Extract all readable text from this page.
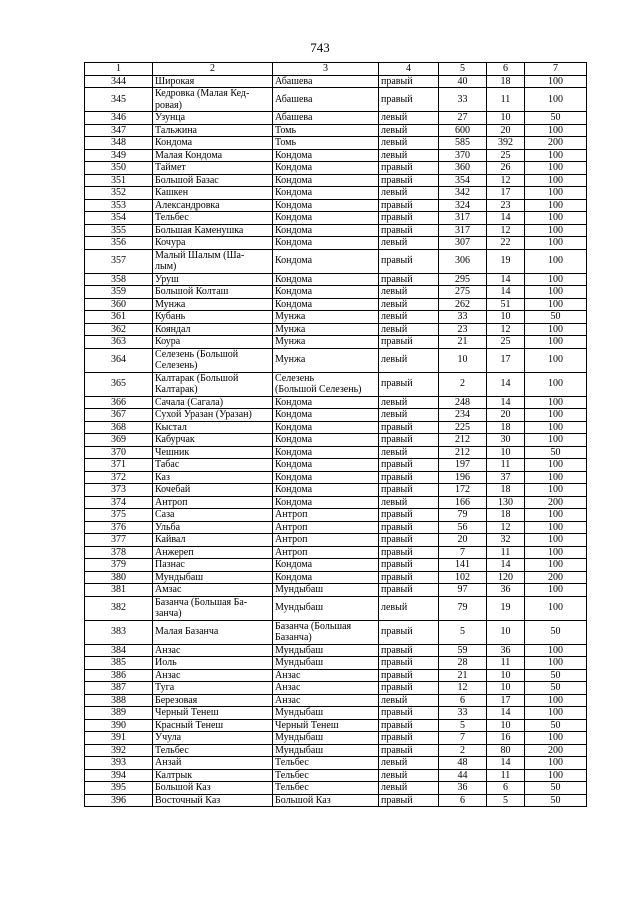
743
1	2	3	4	5	6	7
344	Широкая	Абашева	правый	40	18	100
345	Кедровка (Малая Кед-
ровая)	Абашева	правый	33	11	100
346	Узунца	Абашева	левый	27	10	50
347	Тальжина	Томь	левый	600	20	100
348	Кондома	Томь	левый	585	392	200
349	Малая Кондома	Кондома	левый	370	25	100
350	Таймет	Кондома	правый	360	26	100
351	Большой Базас	Кондома	правый	354	12	100
352	Кашкен	Кондома	левый	342	17	100
353	Александровка	Кондома	правый	324	23	100
354	Тельбес	Кондома	правый	317	14	100
355	Большая Каменушка	Кондома	правый	317	12	100
356	Кочура	Кондома	левый	307	22	100
357	Малый Шалым (Ша-
лым)	Кондома	правый	306	19	100
358	Уруш	Кондома	правый	295	14	100
359	Большой Колташ	Кондома	левый	275	14	100
360	Мунжа	Кондома	левый	262	51	100
361	Кубань	Мунжа	левый	33	10	50
362	Кояндал	Мунжа	левый	23	12	100
363	Коура	Мунжа	правый	21	25	100
364	Селезень (Большой
Селезень)	Мунжа	левый	10	17	100
365	Калтарак (Большой
Калтарак)	Селезень
(Большой Селезень)	правый	2	14	100
366	Сачала (Сагала)	Кондома	левый	248	14	100
367	Сухой Уразан (Уразан)	Кондома	левый	234	20	100
368	Кыстал	Кондома	правый	225	18	100
369	Кабурчак	Кондома	правый	212	30	100
370	Чешник	Кондома	левый	212	10	50
371	Табас	Кондома	правый	197	11	100
372	Каз	Кондома	правый	196	37	100
373	Кочебай	Кондома	правый	172	18	100
374	Антроп	Кондома	левый	166	130	200
375	Саза	Антроп	правый	79	18	100
376	Ульба	Антроп	правый	56	12	100
377	Кайвал	Антроп	правый	20	32	100
378	Анжереп	Антроп	правый	7	11	100
379	Пазнас	Кондома	правый	141	14	100
380	Мундыбаш	Кондома	правый	102	120	200
381	Амзас	Мундыбаш	правый	97	36	100
382	Базанча (Большая Ба-
занча)	Мундыбаш	левый	79	19	100
383	Малая Базанча	Базанча (Большая
Базанча)	правый	5	10	50
384	Анзас	Мундыбаш	правый	59	36	100
385	Иоль	Мундыбаш	правый	28	11	100
386	Анзас	Анзас	правый	21	10	50
387	Туга	Анзас	правый	12	10	50
388	Березовая	Анзас	левый	6	17	100
389	Черный Тенеш	Мундыбаш	правый	33	14	100
390	Красный Тенеш	Черный Тенеш	правый	5	10	50
391	Учула	Мундыбаш	правый	7	16	100
392	Тельбес	Мундыбаш	правый	2	80	200
393	Анзай	Тельбес	левый	48	14	100
394	Калтрык	Тельбес	левый	44	11	100
395	Большой Каз	Тельбес	левый	36	6	50
396	Восточный Каз	Большой Каз	правый	6	5	50
